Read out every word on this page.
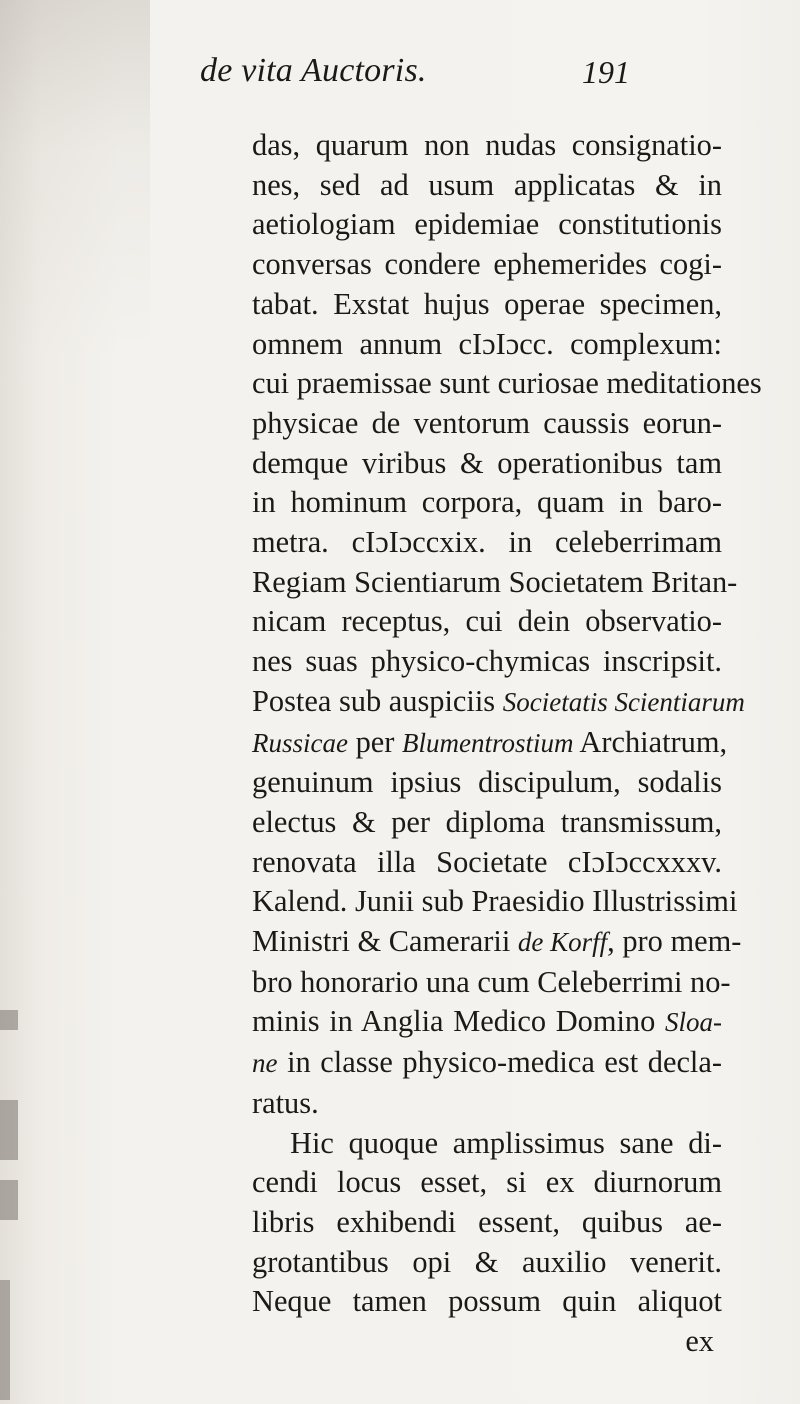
de vita Auctoris.	191
das, quarum non nudas consignatio-
nes, sed ad usum applicatas & in
aetiologiam epidemiae constitutionis
conversas condere ephemerides cogi-
tabat. Exstat hujus operae specimen,
omnem annum cIɔIɔcc. complexum:
cui praemissae sunt curiosae meditationes
physicae de ventorum caussis eorun-
demque viribus & operationibus tam
in hominum corpora, quam in baro-
metra. cIɔIɔccxix. in celeberrimam
Regiam Scientiarum Societatem Britan-
nicam receptus, cui dein observatio-
nes suas physico-chymicas inscripsit.
Postea sub auspiciis Societatis Scientiarum
Russicae per Blumentrostium Archiatrum,
genuinum ipsius discipulum, sodalis
electus & per diploma transmissum,
renovata illa Societate cIɔIɔccxxxv.
Kalend. Junii sub Praesidio Illustrissimi
Ministri & Camerarii de Korff, pro mem-
bro honorario una cum Celeberrimi no-
minis in Anglia Medico Domino Sloa-
ne in classe physico-medica est decla-
ratus.
Hic quoque amplissimus sane di-
cendi locus esset, si ex diurnorum
libris exhibendi essent, quibus ae-
grotantibus opi & auxilio venerit.
Neque tamen possum quin aliquot
ex
